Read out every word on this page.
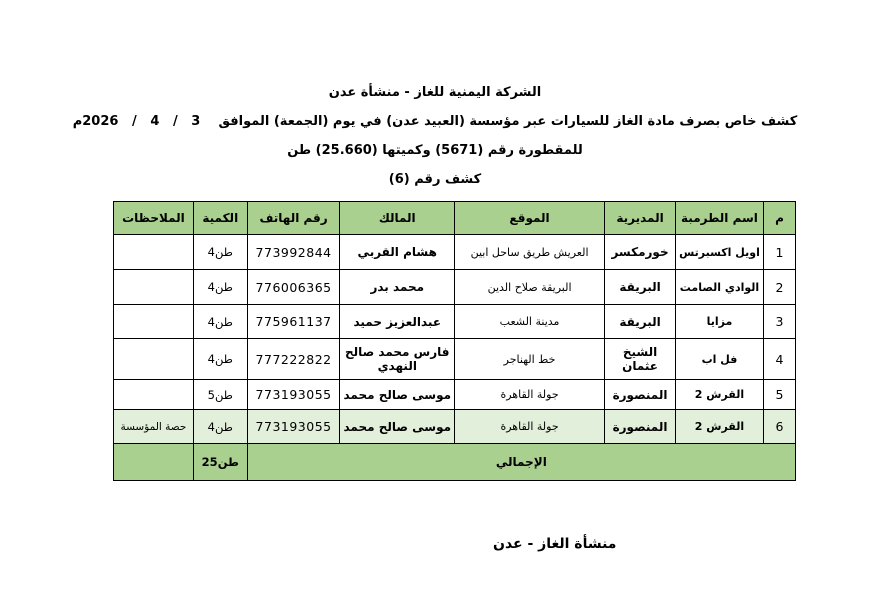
الشركة اليمنية للغاز - منشأة عدن
كشف خاص بصرف مادة الغاز للسيارات عبر مؤسسة (العبيد عدن) في يوم (الجمعة) الموافق    3   /   4   /   2026م
للمقطورة رقم (5671) وكميتها (25.660) طن
كشف رقم (6)
م	اسم الطرمبة	المديرية	الموقع	المالك	رقم الهاتف	الكمية	الملاحظات
1	اويل اكسبرتس	خورمكسر	العريش طريق ساحل ابين	هشام القربي	773992844	طن4	
2	الوادي الصامت	البريقة	البريقة صلاح الدين	محمد بدر	776006365	طن4	
3	مزايا	البريقة	مدينة الشعب	عبدالعزيز حميد	775961137	طن4	
4	فل اب	الشيخ عثمان	خط الهناجر	فارس محمد صالح النهدي	777222822	طن4	
5	القرش 2	المنصورة	جولة القاهرة	موسى صالح محمد	773193055	طن5	
6	القرش 2	المنصورة	جولة القاهرة	موسى صالح محمد	773193055	طن4	حصة المؤسسة
الإجمالي						طن25	
منشأة الغاز - عدن
